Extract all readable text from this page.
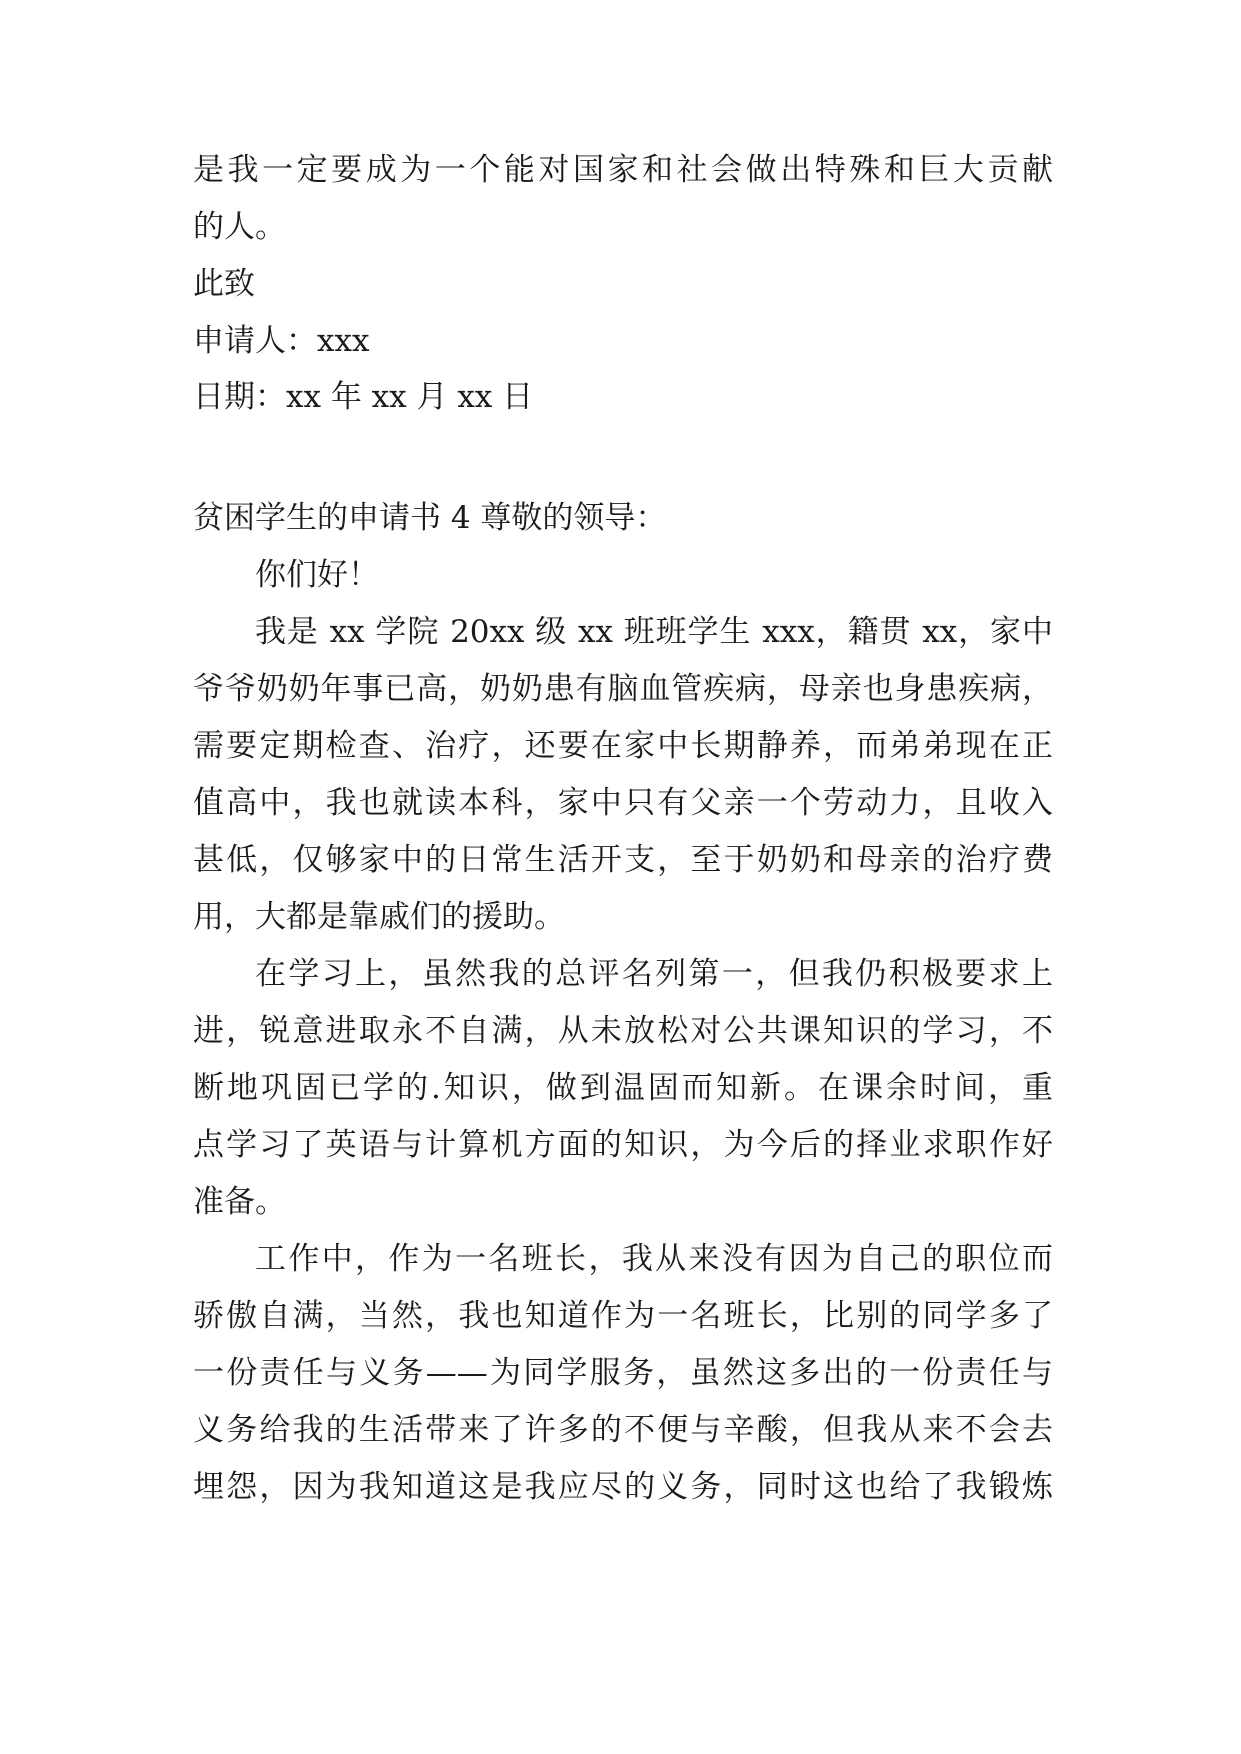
是我一定要成为一个能对国家和社会做出特殊和巨大贡献
的人。
此致
申请人：xxx
日期：xx 年 xx 月 xx 日
贫困学生的申请书 4 尊敬的领导：
你们好！
我是 xx 学院 20xx 级 xx 班班学生 xxx，籍贯 xx，家中
爷爷奶奶年事已高，奶奶患有脑血管疾病，母亲也身患疾病，
需要定期检查、治疗，还要在家中长期静养，而弟弟现在正
值高中，我也就读本科，家中只有父亲一个劳动力，且收入
甚低，仅够家中的日常生活开支，至于奶奶和母亲的治疗费
用，大都是靠戚们的援助。
在学习上，虽然我的总评名列第一，但我仍积极要求上
进，锐意进取永不自满，从未放松对公共课知识的学习，不
断地巩固已学的.知识，做到温固而知新。在课余时间，重
点学习了英语与计算机方面的知识，为今后的择业求职作好
准备。
工作中，作为一名班长，我从来没有因为自己的职位而
骄傲自满，当然，我也知道作为一名班长，比别的同学多了
一份责任与义务——为同学服务，虽然这多出的一份责任与
义务给我的生活带来了许多的不便与辛酸，但我从来不会去
埋怨，因为我知道这是我应尽的义务，同时这也给了我锻炼
